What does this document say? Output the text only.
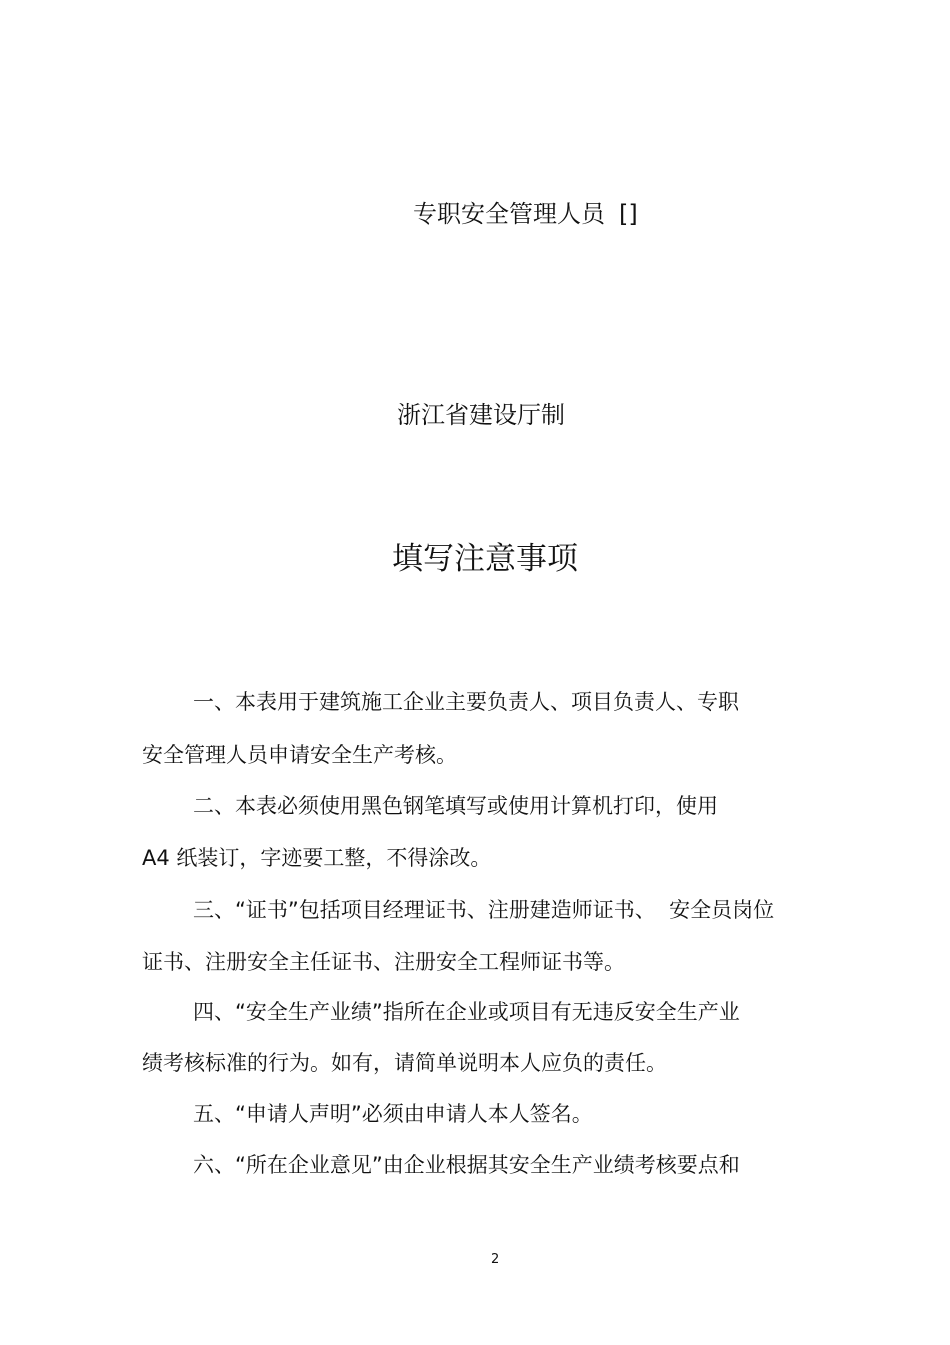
专职安全管理人员 []
浙江省建设厅制
填写注意事项
一、本表用于建筑施工企业主要负责人、项目负责人、专职
安全管理人员申请安全生产考核。
二、本表必须使用黑色钢笔填写或使用计算机打印，使用
A4 纸装订，字迹要工整，不得涂改。
三、“证书”包括项目经理证书、注册建造师证书、  安全员岗位
证书、注册安全主任证书、注册安全工程师证书等。
四、“安全生产业绩”指所在企业或项目有无违反安全生产业
绩考核标准的行为。如有，请简单说明本人应负的责任。
五、“申请人声明”必须由申请人本人签名。
六、“所在企业意见”由企业根据其安全生产业绩考核要点和
2
